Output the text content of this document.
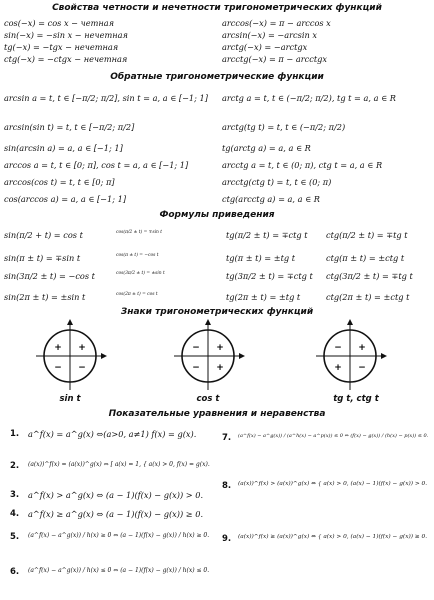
Свойства четности и нечетности тригонометрических функций
cos(−x) = cos x − четная
sin(−x) = −sin x − нечетная
tg(−x) = −tgx − нечетная
ctg(−x) = −ctgx − нечетная
arccos(−x) = π − arccos x
arcsin(−x) = −arcsin x
arctg(−x) = −arctgx
arcctg(−x) = π − arcctgx
Обратные тригонометрические функции
arcsin a = t, t ∈ [−π/2; π/2], sin t = a, a ∈ [−1; 1]
arcsin(sin t) = t, t ∈ [−π/2; π/2]
sin(arcsin a) = a, a ∈ [−1; 1]
arccos a = t, t ∈ [0; π], cos t = a, a ∈ [−1; 1]
arccos(cos t) = t, t ∈ [0; π]
cos(arccos a) = a, a ∈ [−1; 1]
arctg a = t, t ∈ (−π/2; π/2), tg t = a, a ∈ R
arctg(tg t) = t, t ∈ (−π/2; π/2)
tg(arctg a) = a, a ∈ R
arcctg a = t, t ∈ (0; π), ctg t = a, a ∈ R
arcctg(ctg t) = t, t ∈ (0; π)
ctg(arcctg a) = a, a ∈ R
Формулы приведения
sin(π/2 + t) = cos t	cos(π/2 ± t) = ∓sin t	tg(π/2 ± t) = ∓ctg t ctg(π/2 ± t) = ∓tg t
sin(π ± t) = ∓sin t	cos(π ± t) = −cos t	tg(π ± t) = ±tg t	ctg(π ± t) = ±ctg t
sin(3π/2 ± t) = −cos t	cos(3π/2 ± t) = ±sin t	tg(3π/2 ± t) = ∓ctg t ctg(3π/2 ± t) = ∓tg t
sin(2π ± t) = ±sin t	cos(2π ± t) = cos t	tg(2π ± t) = ±tg t	ctg(2π ± t) = ±ctg t
Знаки тригонометрических функций
+ +
− −
− +
− +
− +
+ −
sin t	cos t	tg t, ctg t
Показательные уравнения и неравенства
1. a^f(x) = a^g(x) ⇔(a>0, a≠1) f(x) = g(x).
2. (a(x))^f(x) = (a(x))^g(x) ⇔ [ a(x) = 1, { a(x) > 0, f(x) = g(x).
3. a^f(x) > a^g(x) ⇔ (a − 1)(f(x) − g(x)) > 0.
4. a^f(x) ≥ a^g(x) ⇔ (a − 1)(f(x) − g(x)) ≥ 0.
5. (a^f(x) − a^g(x)) / h(x) ≥ 0 ⇔ (a − 1)(f(x) − g(x)) / h(x) ≥ 0.
6. (a^f(x) − a^g(x)) / h(x) ≤ 0 ⇔ (a − 1)(f(x) − g(x)) / h(x) ≤ 0.
7. (a^f(x) − a^g(x)) / (a^h(x) − a^p(x)) ≤ 0 ⇔ (f(x) − g(x)) / (h(x) − p(x)) ≤ 0.
8. (a(x))^f(x) > (a(x))^g(x) ⇔ { a(x) > 0, (a(x) − 1)(f(x) − g(x)) > 0.
9. (a(x))^f(x) ≥ (a(x))^g(x) ⇔ { a(x) > 0, (a(x) − 1)(f(x) − g(x)) ≥ 0.
